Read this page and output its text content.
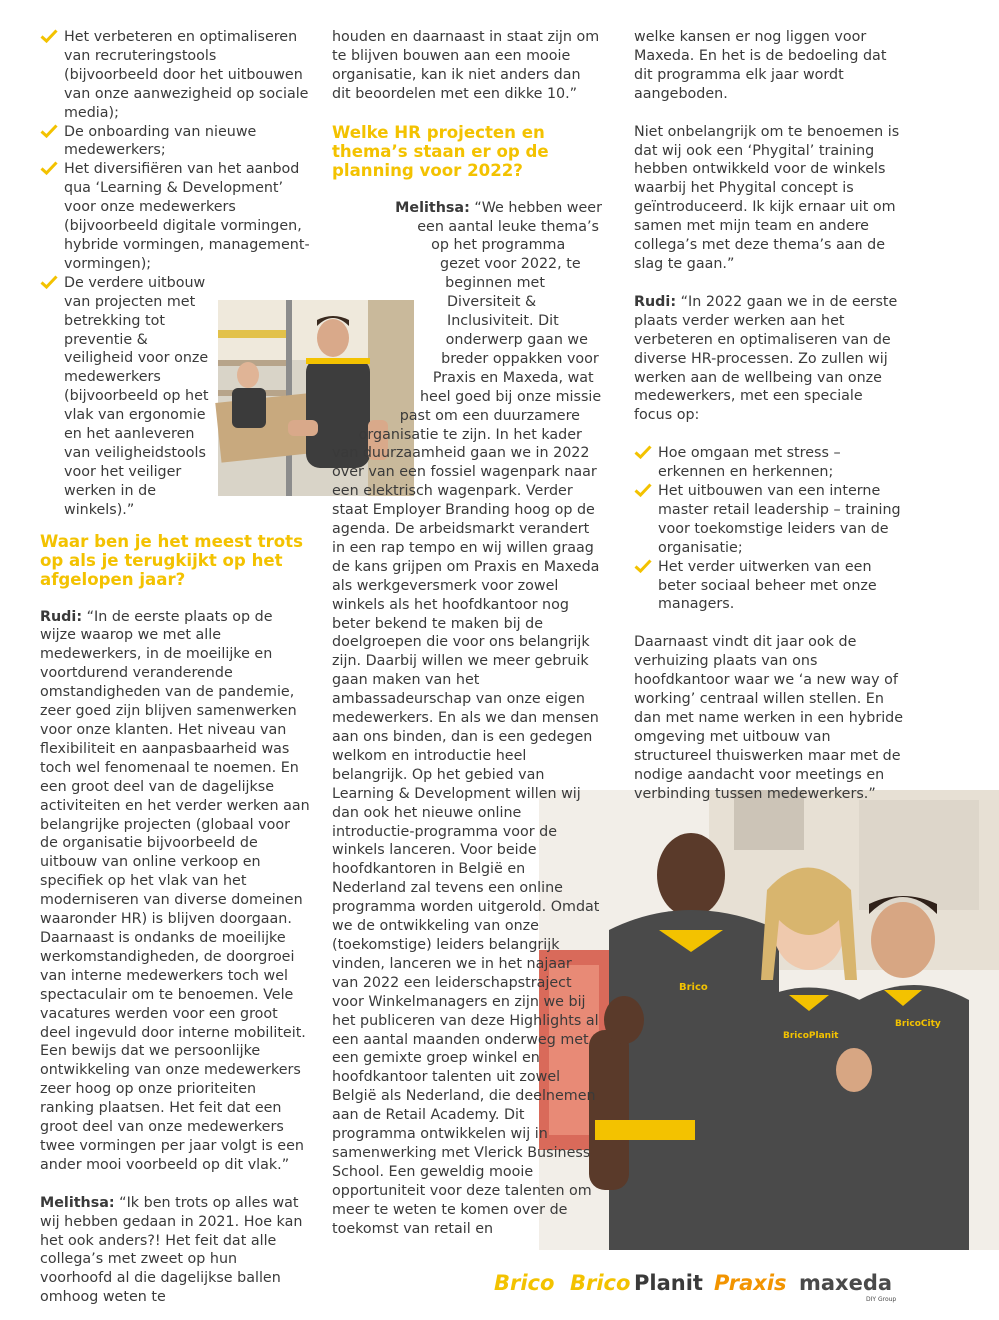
Brico
BricoPlanit
BricoCity
Het verbeteren en optimaliseren van recruteringstools (bijvoorbeeld door het uitbouwen van onze aanwezigheid op sociale media);
De onboarding van nieuwe medewerkers;
Het diversifiëren van het aanbod qua ‘Learning & Development’ voor onze medewerkers (bijvoorbeeld digitale vormingen, hybride vormingen, management-vormingen);
De verdere uitbouw van projecten met betrekking tot preventie & veiligheid voor onze medewerkers (bijvoorbeeld op het vlak van ergonomie en het aanleveren van veiligheidstools voor het veiliger werken in de winkels).”
Waar ben je het meest trots op als je terugkijkt op het afgelopen jaar?

Rudi: “In de eerste plaats op de wijze waarop we met alle medewerkers, in de moeilijke en voortdurend veranderende omstandigheden van de pandemie, zeer goed zijn blijven samenwerken voor onze klanten. Het niveau van flexibiliteit en aanpasbaarheid was toch wel fenomenaal te noemen. En een groot deel van de dagelijkse activiteiten en het verder werken aan belangrijke projecten (globaal voor de organisatie bijvoorbeeld de uitbouw van online verkoop en specifiek op het vlak van het moderniseren van diverse domeinen waaronder HR) is blijven doorgaan. Daarnaast is ondanks de moeilijke werkomstandigheden, de doorgroei van interne medewerkers toch wel spectaculair om te benoemen. Vele vacatures werden voor een groot deel ingevuld door interne mobiliteit. Een bewijs dat we persoonlijke ontwikkeling van onze medewerkers zeer hoog op onze prioriteiten ranking plaatsen. Het feit dat een groot deel van onze medewerkers twee vormingen per jaar volgt is een ander mooi voorbeeld op dit vlak.”

Melithsa: “Ik ben trots op alles wat wij hebben gedaan in 2021. Hoe kan het ook anders?! Het feit dat alle collega’s met zweet op hun voorhoofd al die dagelijkse ballen omhoog weten te

houden en daarnaast in staat zijn om te blijven bouwen aan een mooie organisatie, kan ik niet anders dan dit beoordelen met een dikke 10.”

Welke HR projecten en thema’s staan er op de planning voor 2022?

Melithsa: “We hebben weer een aantal leuke thema’s op het programma gezet voor 2022, te beginnen met Diversiteit & Inclusiviteit. Dit onderwerp gaan we breder oppakken voor Praxis en Maxeda, wat heel goed bij onze missie past om een duurzamere organisatie te zijn. In het kader van duurzaamheid gaan we in 2022 over van een fossiel wagenpark naar een elektrisch wagenpark. Verder staat Employer Branding hoog op de agenda. De arbeidsmarkt verandert in een rap tempo en wij willen graag de kans grijpen om Praxis en Maxeda als werkgeversmerk voor zowel winkels als het hoofdkantoor nog beter bekend te maken bij de doelgroepen die voor ons belangrijk zijn. Daarbij willen we meer gebruik gaan maken van het ambassadeurschap van onze eigen medewerkers. En als we dan mensen aan ons binden, dan is een gedegen welkom en introductie heel belangrijk. Op het gebied van Learning & Development willen wij dan ook het nieuwe online introductie-programma voor de winkels lanceren. Voor beide hoofdkantoren in België en Nederland zal tevens een online programma worden uitgerold. Omdat we de ontwikkeling van onze (toekomstige) leiders belangrijk vinden, lanceren we in het najaar van 2022 een leiderschapstraject voor Winkelmanagers en zijn we bij het publiceren van deze Highlights al een aantal maanden onderweg met een gemixte groep winkel en hoofdkantoor talenten uit zowel België als Nederland, die deelnemen aan de Retail Academy. Dit programma ontwikkelen wij in samenwerking met Vlerick Business School. Een geweldig mooie opportuniteit voor deze talenten om meer te weten te komen over de toekomst van retail en

welke kansen er nog liggen voor Maxeda. En het is de bedoeling dat dit programma elk jaar wordt aangeboden.

Niet onbelangrijk om te benoemen is dat wij ook een ‘Phygital’ training hebben ontwikkeld voor de winkels waarbij het Phygital concept is geïntroduceerd. Ik kijk ernaar uit om samen met mijn team en andere collega’s met deze thema’s aan de slag te gaan.”

Rudi: “In 2022 gaan we in de eerste plaats verder werken aan het verbeteren en optimaliseren van de diverse HR-processen. Zo zullen wij werken aan de wellbeing van onze medewerkers, met een speciale focus op:

Hoe omgaan met stress – erkennen en herkennen;
Het uitbouwen van een interne master retail leadership – training voor toekomstige leiders van de organisatie;
Het verder uitwerken van een beter sociaal beheer met onze managers.

Daarnaast vindt dit jaar ook de verhuizing plaats van ons hoofdkantoor waar we ‘a new way of working’ centraal willen stellen. En dan met name werken in een hybride omgeving met uitbouw van structureel thuiswerken maar met de nodige aandacht voor meetings en verbinding tussen medewerkers.”

Brico Brico Planit Praxis maxeda
DIY Group
